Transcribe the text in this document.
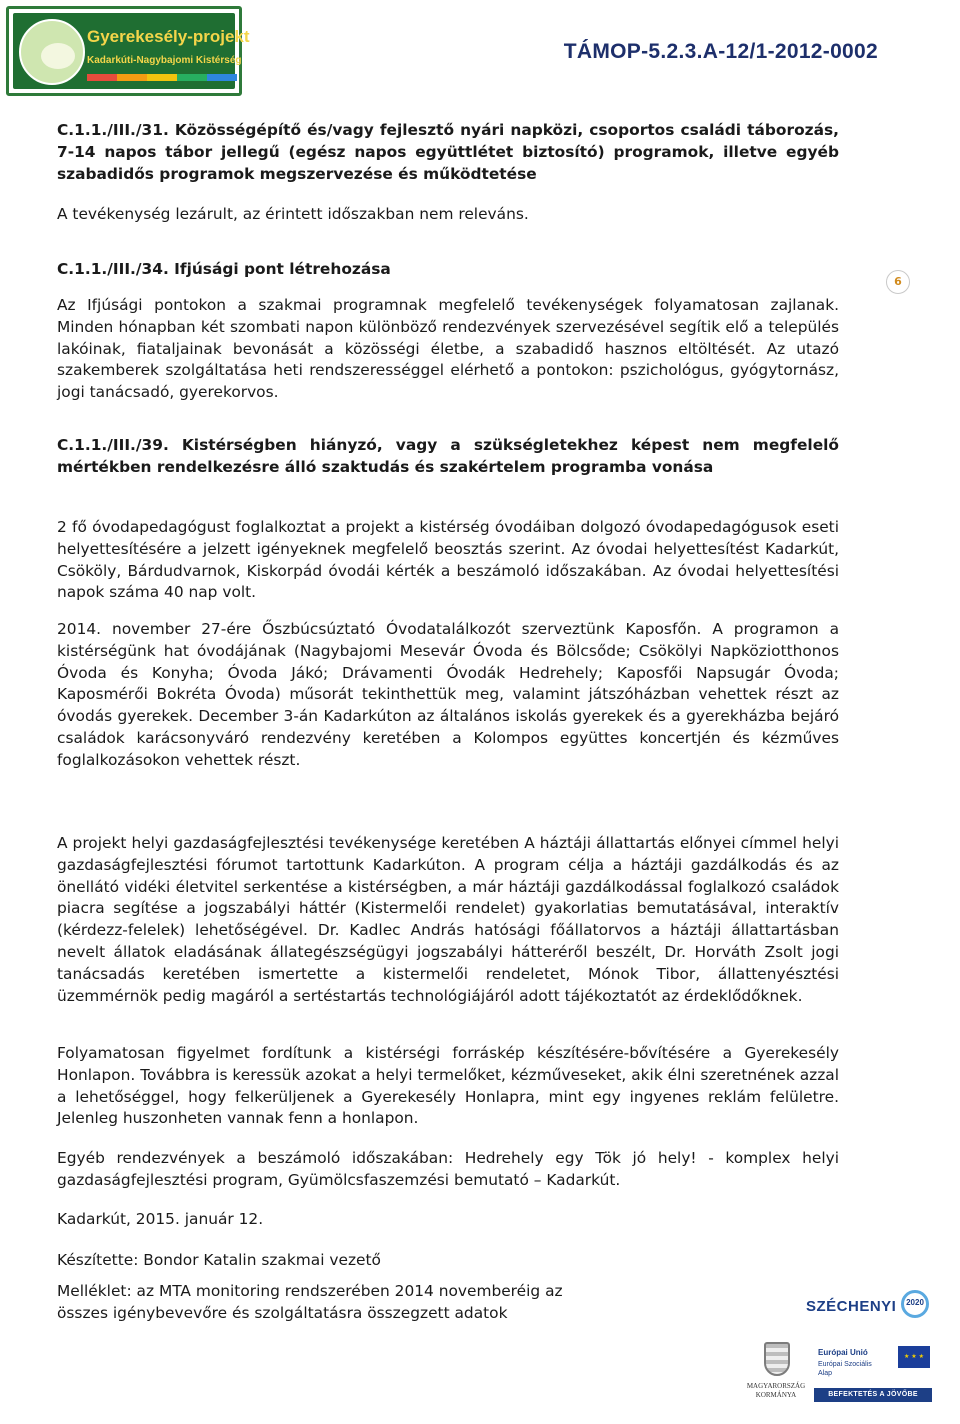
Gyerekesély-projekt
Kadarkúti-Nagybajomi Kistérség	TÁMOP-5.2.3.A-12/1-2012-0002
C.1.1./III./31. Közösségépítő és/vagy fejlesztő nyári napközi, csoportos családi táborozás, 7-14 napos tábor jellegű (egész napos együttlétet biztosító) programok, illetve egyéb szabadidős programok megszervezése és működtetése
A tevékenység lezárult, az érintett időszakban nem releváns.
C.1.1./III./34. Ifjúsági pont létrehozása
Az Ifjúsági pontokon a szakmai programnak megfelelő tevékenységek folyamatosan zajlanak. Minden hónapban két szombati napon különböző rendezvények szervezésével segítik elő a település lakóinak, fiataljainak bevonását a közösségi életbe, a szabadidő hasznos eltöltését. Az utazó szakemberek szolgáltatása heti rendszerességgel elérhető a pontokon: pszichológus, gyógytornász, jogi tanácsadó, gyerekorvos.
6
C.1.1./III./39. Kistérségben hiányzó, vagy a szükségletekhez képest nem megfelelő mértékben rendelkezésre álló szaktudás és szakértelem programba vonása
2 fő óvodapedagógust foglalkoztat a projekt a kistérség óvodáiban dolgozó óvodapedagógusok eseti helyettesítésére a jelzett igényeknek megfelelő beosztás szerint. Az óvodai helyettesítést Kadarkút, Csököly, Bárdudvarnok, Kiskorpád óvodái kérték a beszámoló időszakában. Az óvodai helyettesítési napok száma 40 nap volt.
2014. november 27-ére Őszbúcsúztató Óvodatalálkozót szerveztünk Kaposfőn. A programon a kistérségünk hat óvodájának (Nagybajomi Mesevár Óvoda és Bölcsőde; Csökölyi Napköziotthonos Óvoda és Konyha; Óvoda Jákó; Drávamenti Óvodák Hedrehely; Kaposfői Napsugár Óvoda; Kaposmérői Bokréta Óvoda) műsorát tekinthettük meg, valamint játszóházban vehettek részt az óvodás gyerekek. December 3-án Kadarkúton az általános iskolás gyerekek és a gyerekházba bejáró családok karácsonyváró rendezvény keretében a Kolompos együttes koncertjén és kézműves foglalkozásokon vehettek részt.
A projekt helyi gazdaságfejlesztési tevékenysége keretében A háztáji állattartás előnyei címmel helyi gazdaságfejlesztési fórumot tartottunk Kadarkúton. A program célja a háztáji gazdálkodás és az önellátó vidéki életvitel serkentése a kistérségben, a már háztáji gazdálkodással foglalkozó családok piacra segítése a jogszabályi háttér (Kistermelői rendelet) gyakorlatias bemutatásával, interaktív (kérdezz-felelek) lehetőségével. Dr. Kadlec András hatósági főállatorvos a háztáji állattartásban nevelt állatok eladásának állategészségügyi jogszabályi hátteréről beszélt, Dr. Horváth Zsolt jogi tanácsadás keretében ismertette a kistermelői rendeletet, Mónok Tibor, állattenyésztési üzemmérnök pedig magáról a sertéstartás technológiájáról adott tájékoztatót az érdeklődőknek.
Folyamatosan figyelmet fordítunk a kistérségi forráskép készítésére-bővítésére a Gyerekesély Honlapon. Továbbra is keressük azokat a helyi termelőket, kézműveseket, akik élni szeretnének azzal a lehetőséggel, hogy felkerüljenek a Gyerekesély Honlapra, mint egy ingyenes reklám felületre. Jelenleg huszonheten vannak fenn a honlapon.
Egyéb rendezvények a beszámoló időszakában: Hedrehely egy Tök jó hely! - komplex helyi gazdaságfejlesztési program, Gyümölcsfaszemzési bemutató – Kadarkút.
Kadarkút, 2015. január 12.
Készítette: Bondor Katalin szakmai vezető

Melléklet: az MTA monitoring rendszerében 2014 novemberéig az

összes igénybevevőre és szolgáltatásra összegzett adatok	SZÉCHENYI	2020
MAGYARORSZÁG
KORMÁNYA
Európai Unió
Európai Szociális Alap
★ ★ ★
BEFEKTETÉS A JÖVŐBE
